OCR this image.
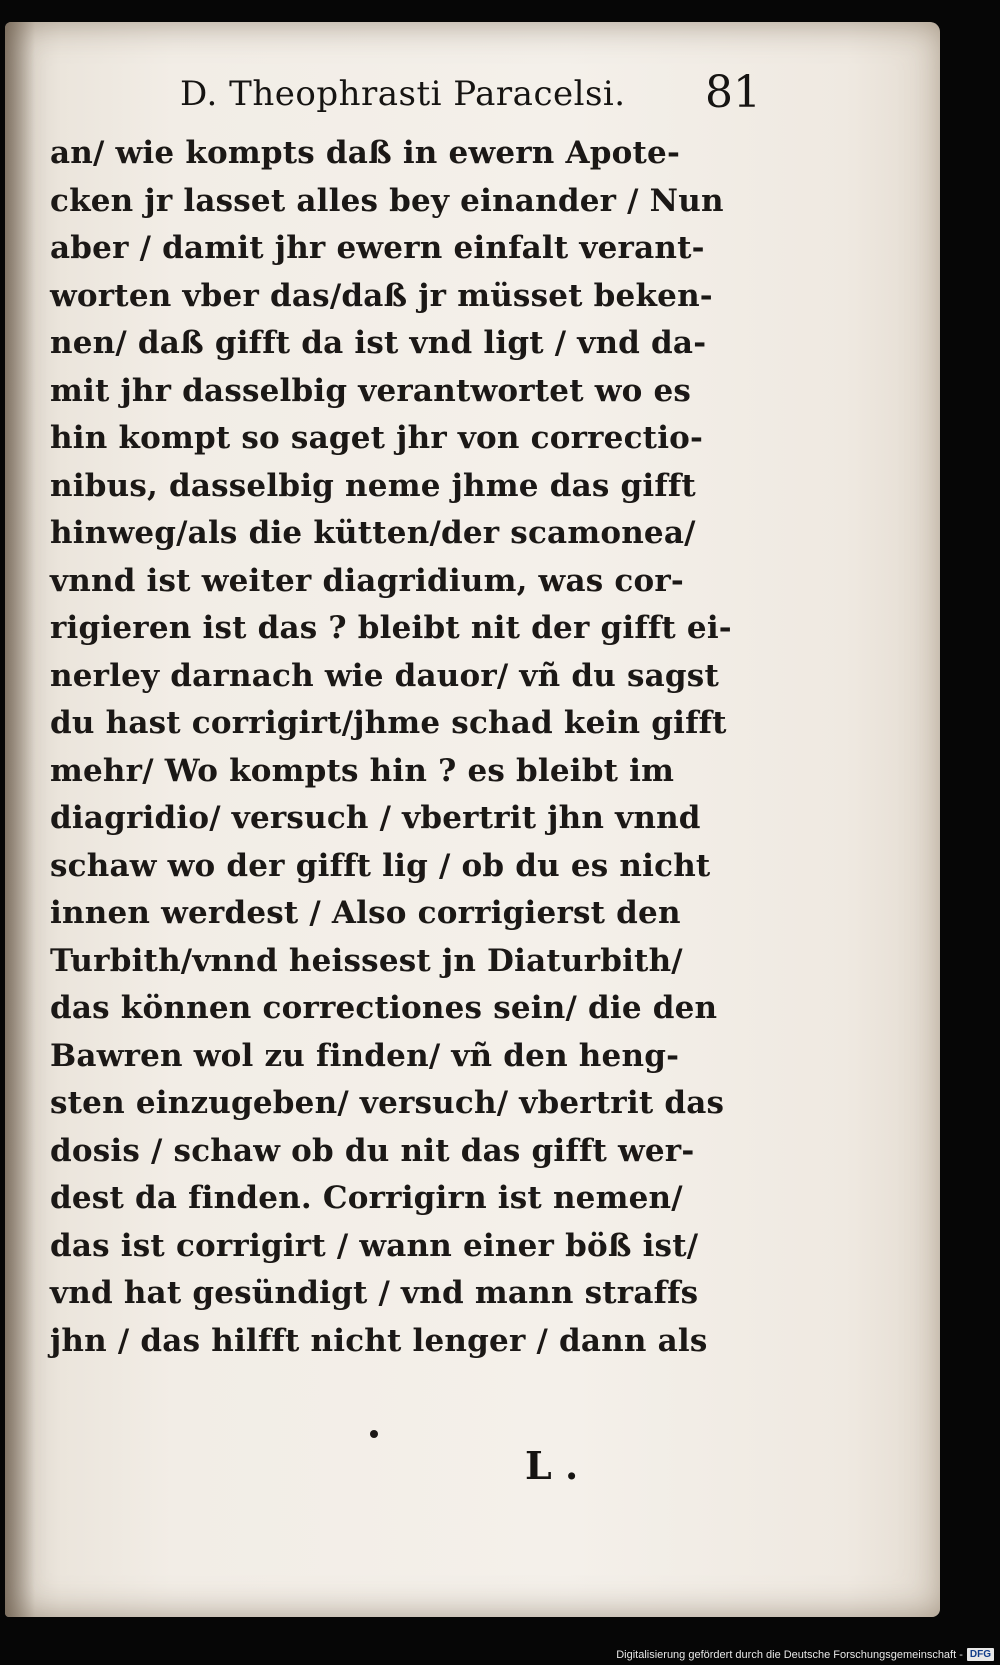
D. Theophrasti Paracelsi.	81
an/ wie kompts daß in ewern Apote-
cken jr lasset alles bey einander / Nun
aber / damit jhr ewern einfalt verant-
worten vber das/daß jr müsset beken-
nen/ daß gifft da ist vnd ligt / vnd da-
mit jhr dasselbig verantwortet wo es
hin kompt so saget jhr von correctio-
nibus, dasselbig neme jhme das gifft
hinweg/als die kütten/der scamonea/
vnnd ist weiter diagridium, was cor-
rigieren ist das ? bleibt nit der gifft ei-
nerley darnach wie dauor/ vñ du sagst
du hast corrigirt/jhme schad kein gifft
mehr/ Wo kompts hin ? es bleibt im
diagridio/ versuch / vbertrit jhn vnnd
schaw wo der gifft lig / ob du es nicht
innen werdest / Also corrigierst den
Turbith/vnnd heissest jn Diaturbith/
das können correctiones sein/ die den
Bawren wol zu finden/ vñ den heng-
sten einzugeben/ versuch/ vbertrit das
dosis / schaw ob du nit das gifft wer-
dest da finden. Corrigirn ist nemen/
das ist corrigirt / wann einer böß ist/
vnd hat gesündigt / vnd mann straffs
jhn / das hilfft nicht lenger / dann als
L .
Digitalisierung gefördert durch die Deutsche Forschungsgemeinschaft - DFG
